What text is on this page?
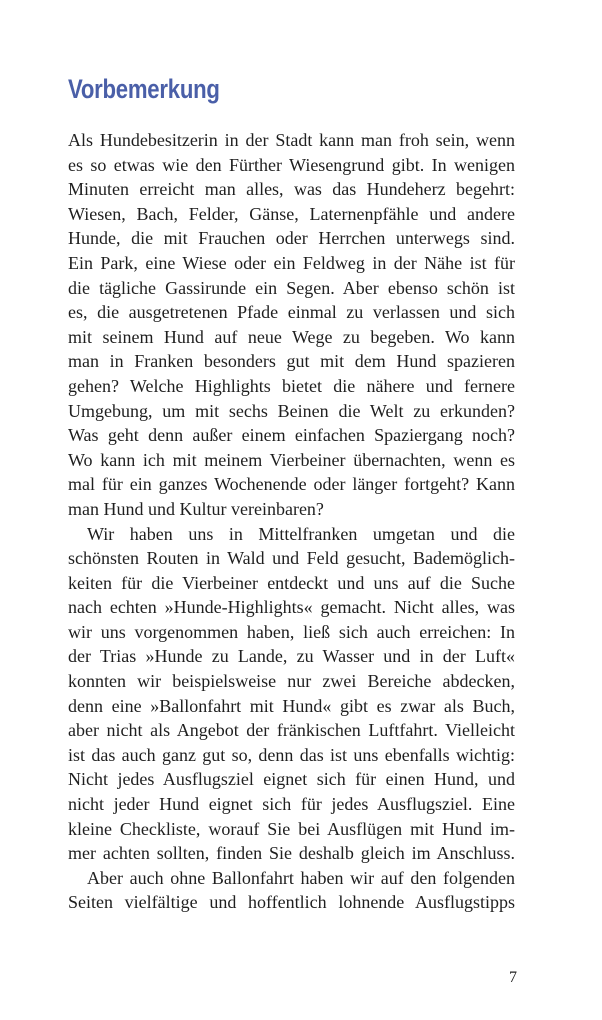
Vorbemerkung
Als Hundebesitzerin in der Stadt kann man froh sein, wenn
es so etwas wie den Fürther Wiesengrund gibt. In wenigen
Minuten erreicht man alles, was das Hundeherz begehrt:
Wiesen, Bach, Felder, Gänse, Laternenpfähle und andere
Hunde, die mit Frauchen oder Herrchen unterwegs sind.
Ein Park, eine Wiese oder ein Feldweg in der Nähe ist für
die tägliche Gassirunde ein Segen. Aber ebenso schön ist
es, die ausgetretenen Pfade einmal zu verlassen und sich
mit seinem Hund auf neue Wege zu begeben. Wo kann
man in Franken besonders gut mit dem Hund spazieren
gehen? Welche Highlights bietet die nähere und fernere
Umgebung, um mit sechs Beinen die Welt zu erkunden?
Was geht denn außer einem einfachen Spaziergang noch?
Wo kann ich mit meinem Vierbeiner übernachten, wenn es
mal für ein ganzes Wochenende oder länger fortgeht? Kann
man Hund und Kultur vereinbaren?
Wir haben uns in Mittelfranken umgetan und die
schönsten Routen in Wald und Feld gesucht, Bademöglich-
keiten für die Vierbeiner entdeckt und uns auf die Suche
nach echten »Hunde-Highlights« gemacht. Nicht alles, was
wir uns vorgenommen haben, ließ sich auch erreichen: In
der Trias »Hunde zu Lande, zu Wasser und in der Luft«
konnten wir beispielsweise nur zwei Bereiche abdecken,
denn eine »Ballonfahrt mit Hund« gibt es zwar als Buch,
aber nicht als Angebot der fränkischen Luftfahrt. Vielleicht
ist das auch ganz gut so, denn das ist uns ebenfalls wichtig:
Nicht jedes Ausflugsziel eignet sich für einen Hund, und
nicht jeder Hund eignet sich für jedes Ausflugsziel. Eine
kleine Checkliste, worauf Sie bei Ausflügen mit Hund im-
mer achten sollten, finden Sie deshalb gleich im Anschluss.
Aber auch ohne Ballonfahrt haben wir auf den folgenden
Seiten vielfältige und hoffentlich lohnende Ausflugstipps
7
